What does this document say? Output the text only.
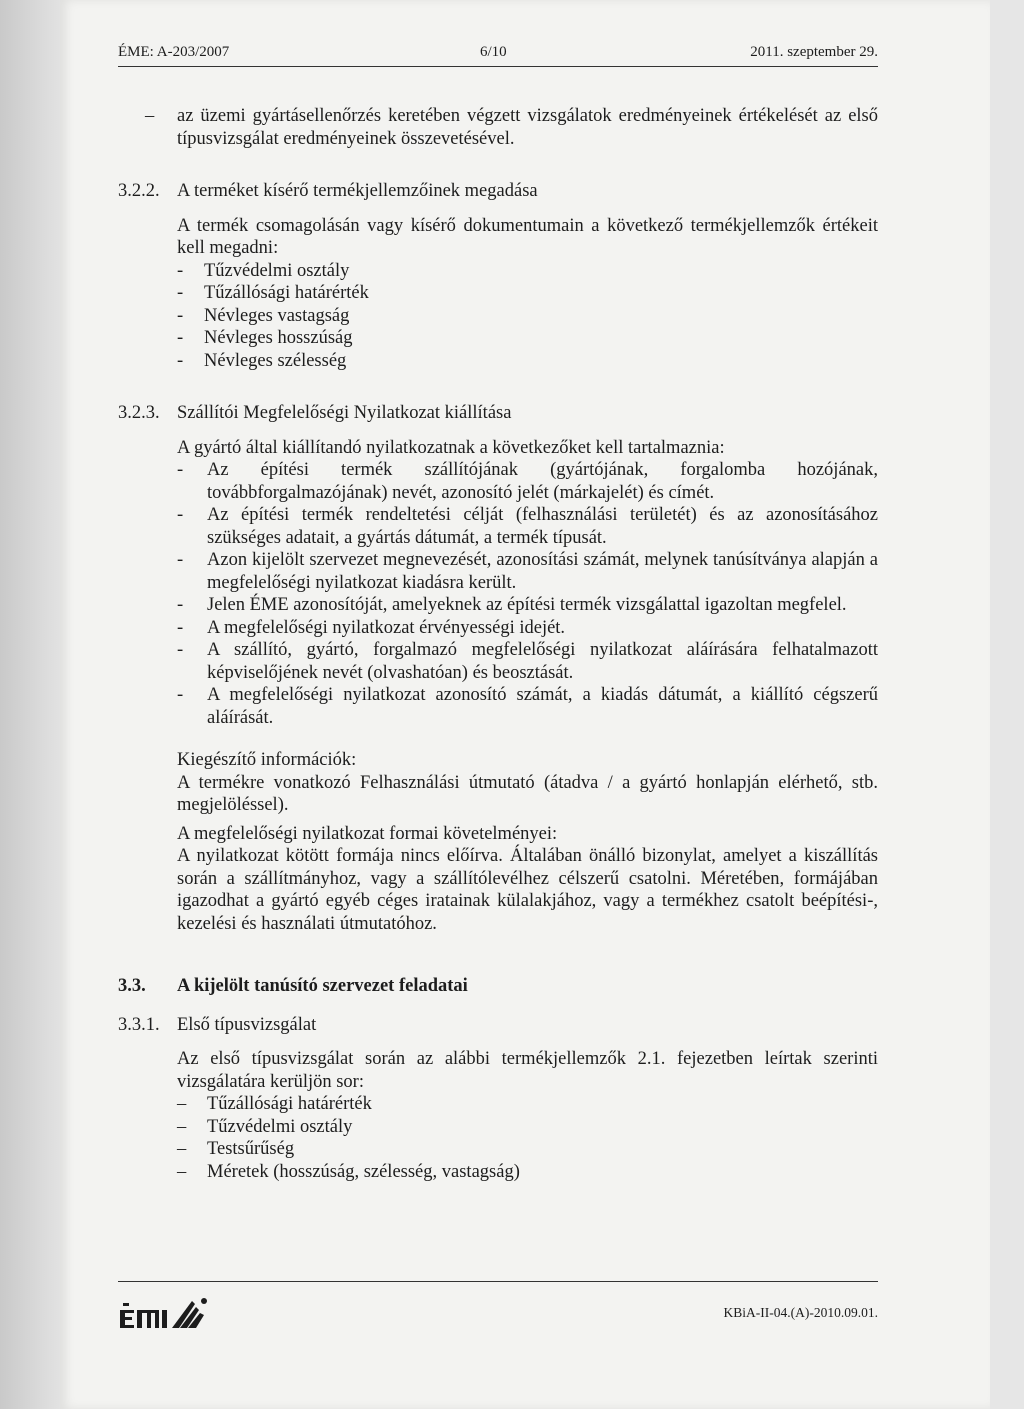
ÉME: A-203/2007	6/10	2011. szeptember 29.
– az üzemi gyártásellenőrzés keretében végzett vizsgálatok eredményeinek értékelését az első típusvizsgálat eredményeinek összevetésével.
3.2.2. A terméket kísérő termékjellemzőinek megadása
A termék csomagolásán vagy kísérő dokumentumain a következő termékjellemzők értékeit kell megadni:
- Tűzvédelmi osztály
- Tűzállósági határérték
- Névleges vastagság
- Névleges hosszúság
- Névleges szélesség
3.2.3. Szállítói Megfelelőségi Nyilatkozat kiállítása
A gyártó által kiállítandó nyilatkozatnak a következőket kell tartalmaznia:
- Az építési termék szállítójának (gyártójának, forgalomba hozójának, továbbforgalmazójának) nevét, azonosító jelét (márkajelét) és címét.
- Az építési termék rendeltetési célját (felhasználási területét) és az azonosításához szükséges adatait, a gyártás dátumát, a termék típusát.
- Azon kijelölt szervezet megnevezését, azonosítási számát, melynek tanúsítványa alapján a megfelelőségi nyilatkozat kiadásra került.
- Jelen ÉME azonosítóját, amelyeknek az építési termék vizsgálattal igazoltan megfelel.
- A megfelelőségi nyilatkozat érvényességi idejét.
- A szállító, gyártó, forgalmazó megfelelőségi nyilatkozat aláírására felhatalmazott képviselőjének nevét (olvashatóan) és beosztását.
- A megfelelőségi nyilatkozat azonosító számát, a kiadás dátumát, a kiállító cégszerű aláírását.
Kiegészítő információk:
A termékre vonatkozó Felhasználási útmutató (átadva / a gyártó honlapján elérhető, stb. megjelöléssel).
A megfelelőségi nyilatkozat formai követelményei:
A nyilatkozat kötött formája nincs előírva. Általában önálló bizonylat, amelyet a kiszállítás során a szállítmányhoz, vagy a szállítólevélhez célszerű csatolni. Méretében, formájában igazodhat a gyártó egyéb céges iratainak külalakjához, vagy a termékhez csatolt beépítési-, kezelési és használati útmutatóhoz.
3.3. A kijelölt tanúsító szervezet feladatai
3.3.1. Első típusvizsgálat
Az első típusvizsgálat során az alábbi termékjellemzők 2.1. fejezetben leírtak szerinti vizsgálatára kerüljön sor:
– Tűzállósági határérték
– Tűzvédelmi osztály
– Testsűrűség
– Méretek (hosszúság, szélesség, vastagság)
KBiA-II-04.(A)-2010.09.01.
